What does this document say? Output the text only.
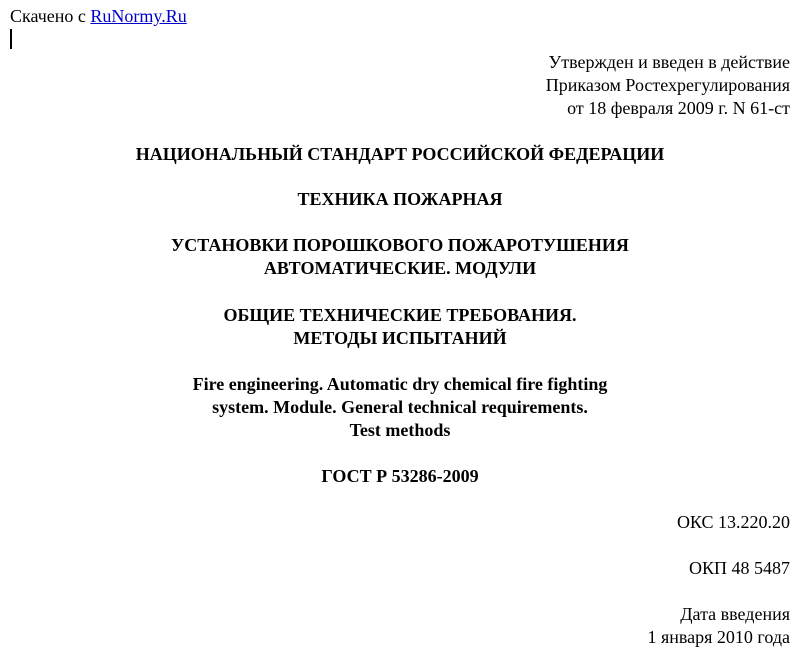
Скачено с RuNormy.Ru
Утвержден и введен в действие
Приказом Ростехрегулирования
от 18 февраля 2009 г. N 61-ст
НАЦИОНАЛЬНЫЙ СТАНДАРТ РОССИЙСКОЙ ФЕДЕРАЦИИ
ТЕХНИКА ПОЖАРНАЯ
УСТАНОВКИ ПОРОШКОВОГО ПОЖАРОТУШЕНИЯ
АВТОМАТИЧЕСКИЕ. МОДУЛИ
ОБЩИЕ ТЕХНИЧЕСКИЕ ТРЕБОВАНИЯ.
МЕТОДЫ ИСПЫТАНИЙ
Fire engineering. Automatic dry chemical fire fighting
system. Module. General technical requirements.
Test methods
ГОСТ Р 53286-2009
ОКС 13.220.20
ОКП 48 5487
Дата введения
1 января 2010 года
